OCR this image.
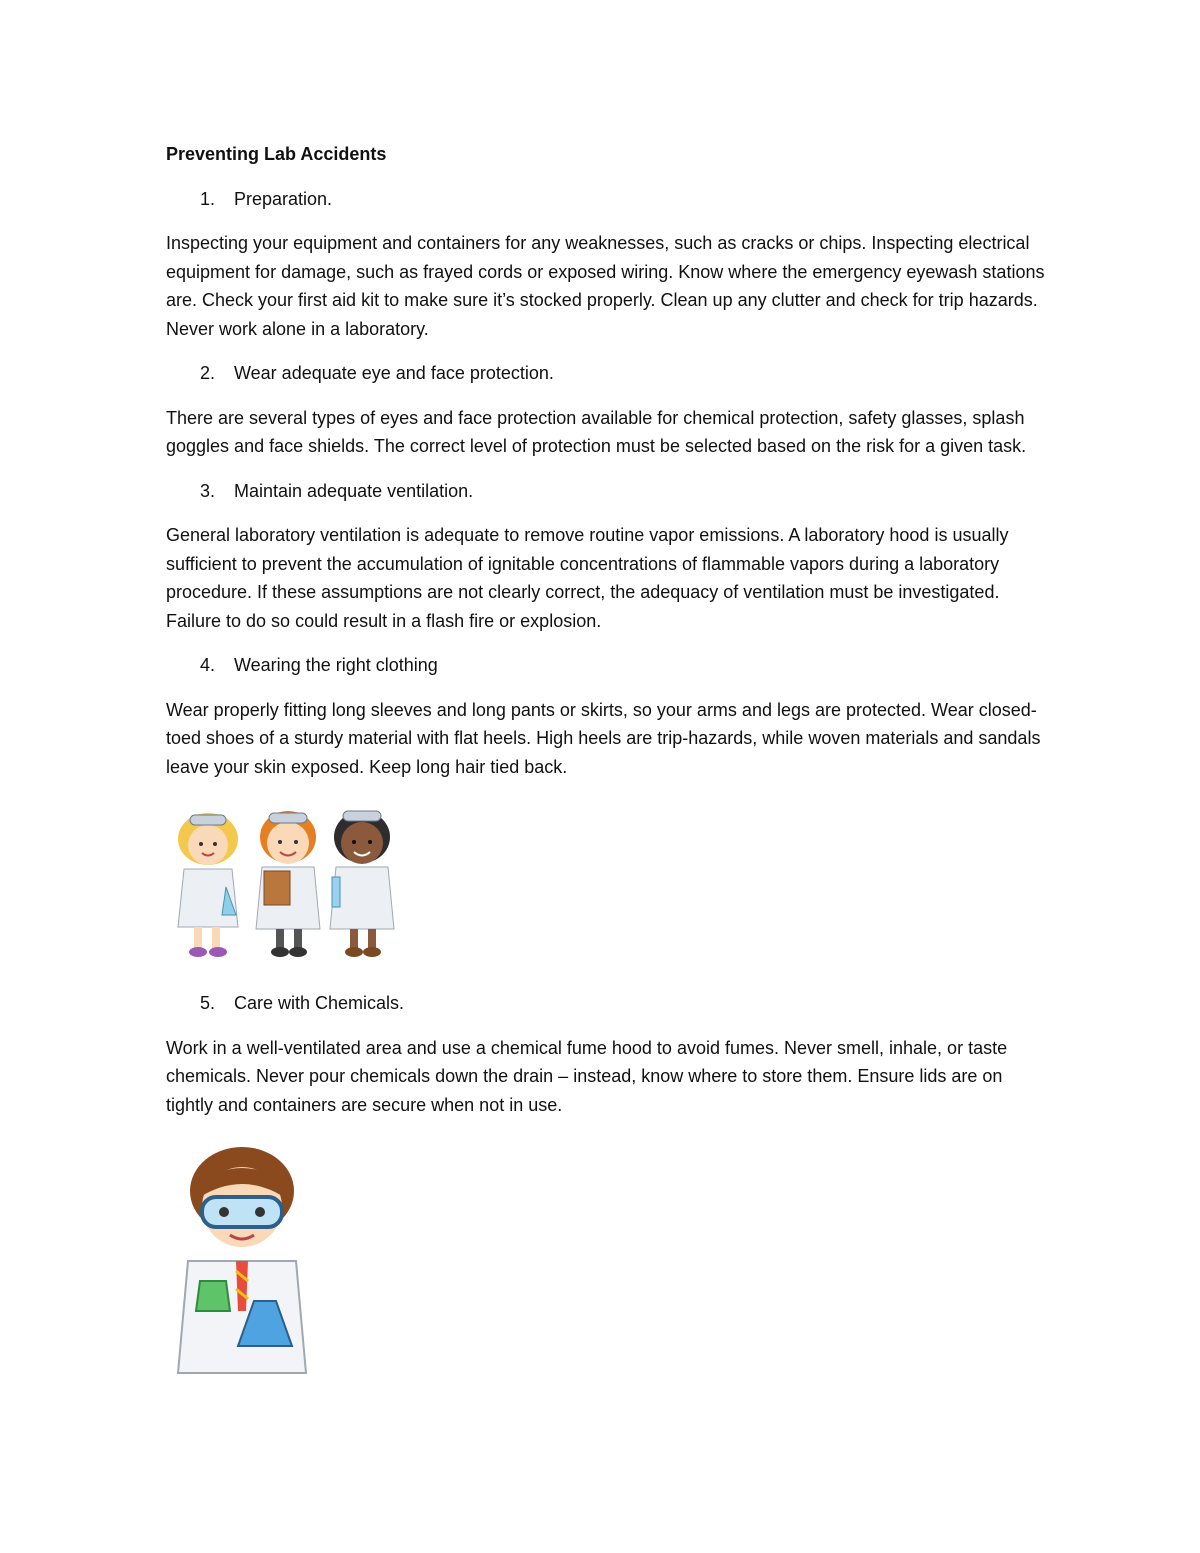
Preventing Lab Accidents
1.	Preparation.
Inspecting your equipment and containers for any weaknesses, such as cracks or chips. Inspecting electrical equipment for damage, such as frayed cords or exposed wiring. Know where the emergency eyewash stations are. Check your first aid kit to make sure it’s stocked properly. Clean up any clutter and check for trip hazards. Never work alone in a laboratory.
2.	Wear adequate eye and face protection.
There are several types of eyes and face protection available for chemical protection, safety glasses, splash goggles and face shields. The correct level of protection must be selected based on the risk for a given task.
3.	Maintain adequate ventilation.
General laboratory ventilation is adequate to remove routine vapor emissions. A laboratory hood is usually sufficient to prevent the accumulation of ignitable concentrations of flammable vapors during a laboratory procedure. If these assumptions are not clearly correct, the adequacy of ventilation must be investigated. Failure to do so could result in a flash fire or explosion.
4.	Wearing the right clothing
Wear properly fitting long sleeves and long pants or skirts, so your arms and legs are protected. Wear closed-toed shoes of a sturdy material with flat heels. High heels are trip-hazards, while woven materials and sandals leave your skin exposed. Keep long hair tied back.
5.	Care with Chemicals.
Work in a well-ventilated area and use a chemical fume hood to avoid fumes. Never smell, inhale, or taste chemicals. Never pour chemicals down the drain – instead, know where to store them. Ensure lids are on tightly and containers are secure when not in use.
